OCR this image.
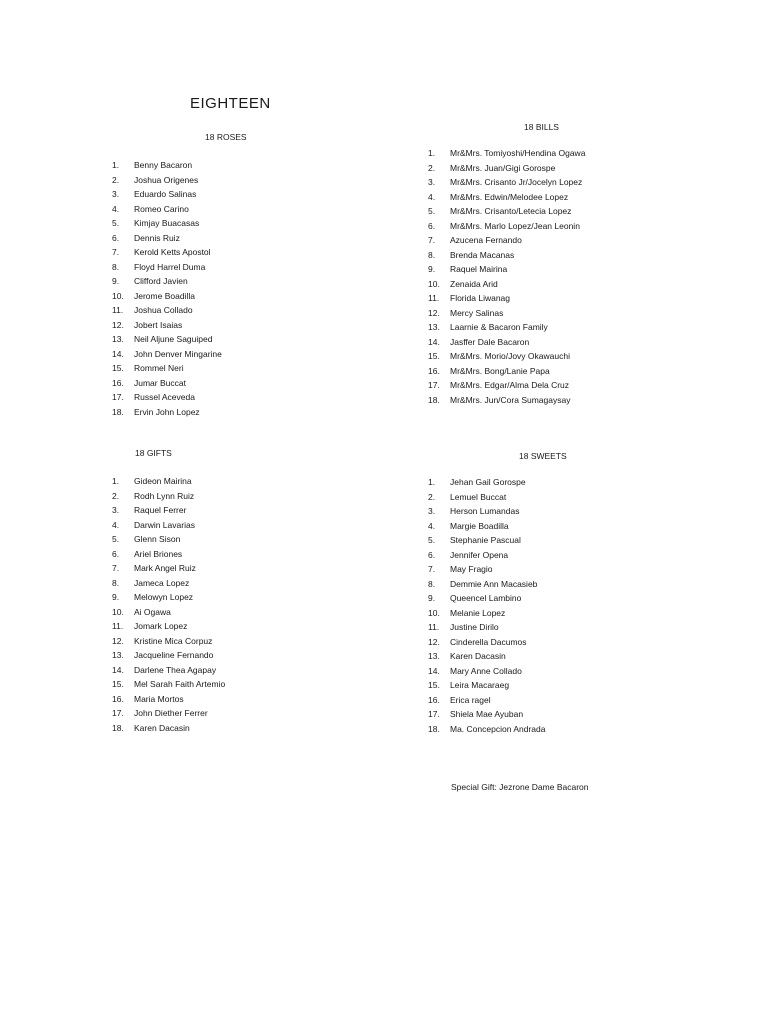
EIGHTEEN
18 ROSES
1. Benny Bacaron
2. Joshua Origenes
3. Eduardo Salinas
4. Romeo Carino
5. Kimjay Buacasas
6. Dennis Ruiz
7. Kerold Ketts Apostol
8. Floyd Harrel Duma
9. Clifford Javien
10. Jerome Boadilla
11. Joshua Collado
12. Jobert Isaias
13. Neil Aljune Saguiped
14. John Denver Mingarine
15. Rommel Neri
16. Jumar Buccat
17. Russel Aceveda
18. Ervin John Lopez
18 BILLS
1. Mr&Mrs. Tomiyoshi/Hendina Ogawa
2. Mr&Mrs. Juan/Gigi Gorospe
3. Mr&Mrs. Crisanto Jr/Jocelyn Lopez
4. Mr&Mrs. Edwin/Melodee Lopez
5. Mr&Mrs. Crisanto/Letecia Lopez
6. Mr&Mrs. Marlo Lopez/Jean Leonin
7. Azucena Fernando
8. Brenda Macanas
9. Raquel Mairina
10. Zenaida Arid
11. Florida Liwanag
12. Mercy Salinas
13. Laarnie & Bacaron Family
14. Jasffer Dale Bacaron
15. Mr&Mrs. Morio/Jovy Okawauchi
16. Mr&Mrs. Bong/Lanie Papa
17. Mr&Mrs. Edgar/Alma Dela Cruz
18. Mr&Mrs. Jun/Cora Sumagaysay
18 GIFTS
1. Gideon Mairina
2. Rodh Lynn Ruiz
3. Raquel Ferrer
4. Darwin Lavarias
5. Glenn Sison
6. Ariel Briones
7. Mark Angel Ruiz
8. Jameca Lopez
9. Melowyn Lopez
10. Ai Ogawa
11. Jomark Lopez
12. Kristine Mica Corpuz
13. Jacqueline Fernando
14. Darlene Thea Agapay
15. Mel Sarah Faith Artemio
16. Maria Mortos
17. John Diether Ferrer
18. Karen Dacasin
18 SWEETS
1. Jehan Gail Gorospe
2. Lemuel Buccat
3. Herson Lumandas
4. Margie Boadilla
5. Stephanie Pascual
6. Jennifer Opena
7. May Fragio
8. Demmie Ann Macasieb
9. Queencel Lambino
10. Melanie Lopez
11. Justine Dirilo
12. Cinderella Dacumos
13. Karen Dacasin
14. Mary Anne Collado
15. Leira Macaraeg
16. Erica ragel
17. Shiela Mae Ayuban
18. Ma. Concepcion Andrada
Special Gift: Jezrone Dame Bacaron
